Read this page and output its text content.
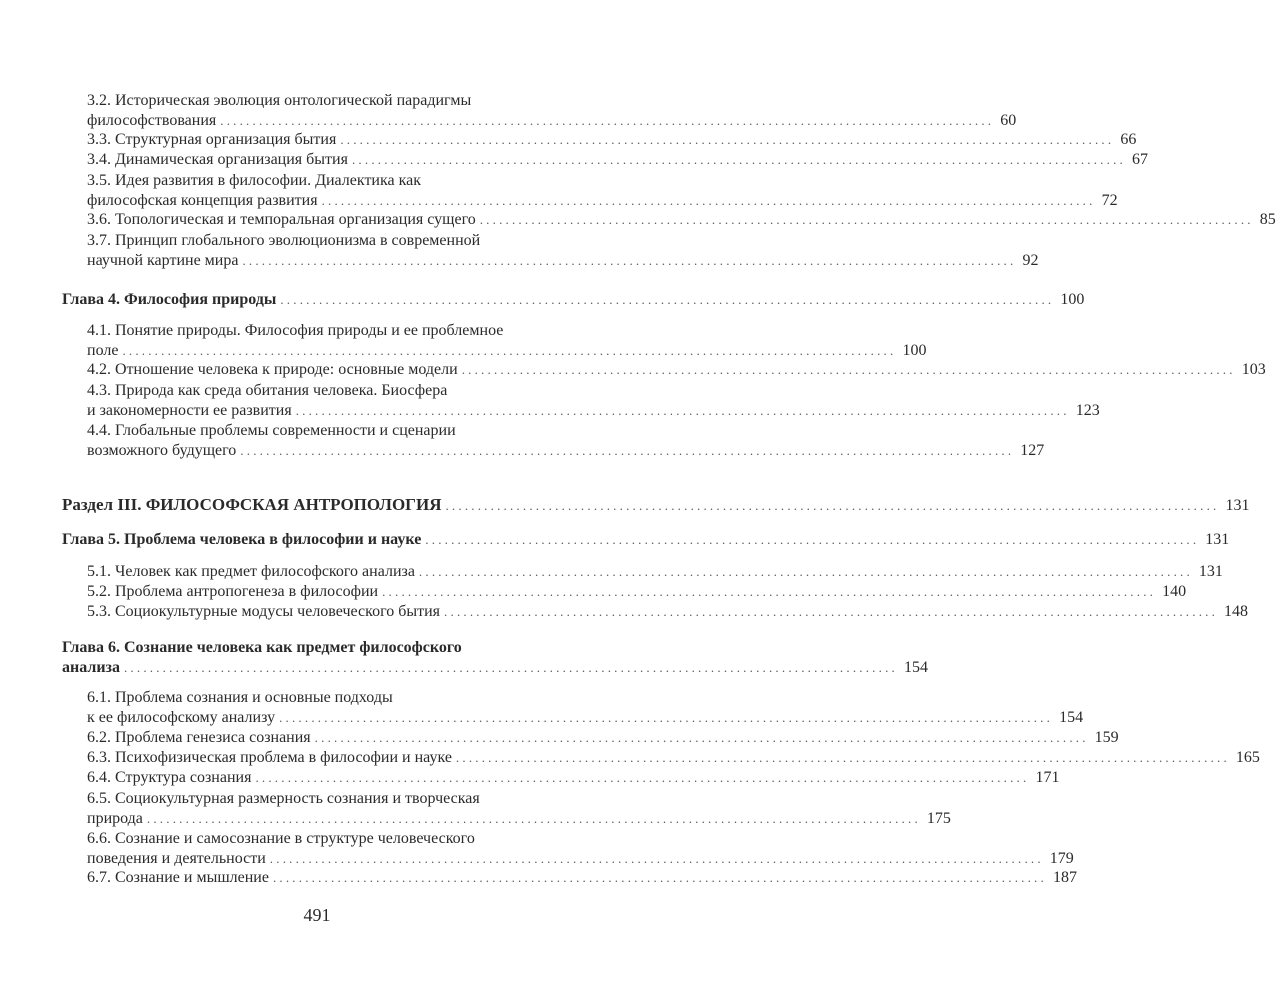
3.2. Историческая эволюция онтологической парадигмы
философствования ........................................................................................................................ 60
3.3. Структурная организация бытия ........................................................................................................................ 66
3.4. Динамическая организация бытия ........................................................................................................................ 67
3.5. Идея развития в философии. Диалектика как
философская концепция развития ........................................................................................................................ 72
3.6. Топологическая и темпоральная организация сущего ........................................................................................................................ 85
3.7. Принцип глобального эволюционизма в современной
научной картине мира ........................................................................................................................ 92
Глава 4. Философия природы ........................................................................................................................ 100
4.1. Понятие природы. Философия природы и ее проблемное
поле ........................................................................................................................ 100
4.2. Отношение человека к природе: основные модели ........................................................................................................................ 103
4.3. Природа как среда обитания человека. Биосфера
и закономерности ее развития ........................................................................................................................ 123
4.4. Глобальные проблемы современности и сценарии
возможного будущего ........................................................................................................................ 127
Раздел III. ФИЛОСОФСКАЯ АНТРОПОЛОГИЯ ........................................................................................................................ 131
Глава 5. Проблема человека в философии и науке ........................................................................................................................ 131
5.1. Человек как предмет философского анализа ........................................................................................................................ 131
5.2. Проблема антропогенеза в философии ........................................................................................................................ 140
5.3. Социокультурные модусы человеческого бытия ........................................................................................................................ 148
Глава 6. Сознание человека как предмет философского
анализа ........................................................................................................................ 154
6.1. Проблема сознания и основные подходы
к ее философскому анализу ........................................................................................................................ 154
6.2. Проблема генезиса сознания ........................................................................................................................ 159
6.3. Психофизическая проблема в философии и науке ........................................................................................................................ 165
6.4. Структура сознания ........................................................................................................................ 171
6.5. Социокультурная размерность сознания и творческая
природа ........................................................................................................................ 175
6.6. Сознание и самосознание в структуре человеческого
поведения и деятельности ........................................................................................................................ 179
6.7. Сознание и мышление ........................................................................................................................ 187
491
